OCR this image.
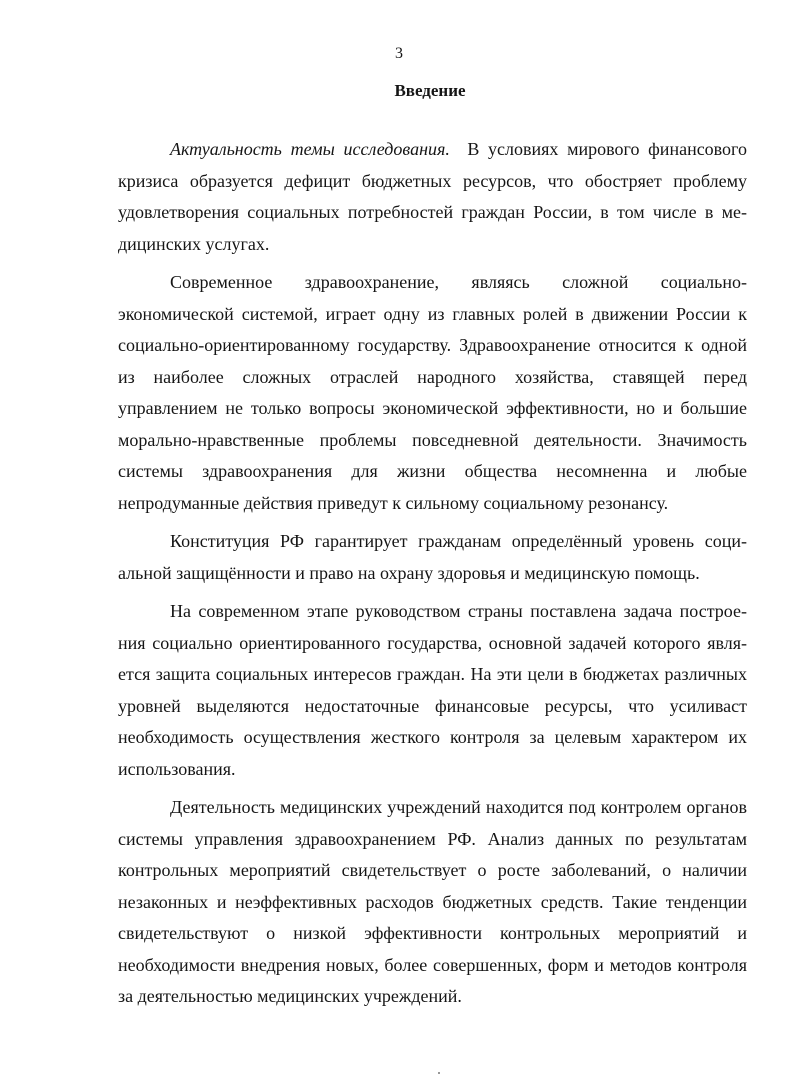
3
Введение

Актуальность темы исследования. В условиях мирового финансового кризиса образуется дефицит бюджетных ресурсов, что обостряет проблему удовлетворения социальных потребностей граждан России, в том числе в медицинских услугах.

Современное здравоохранение, являясь сложной социально-экономической системой, играет одну из главных ролей в движении России к социально-ориентированному государству. Здравоохранение относится к одной из наиболее сложных отраслей народного хозяйства, ставящей перед управлением не только вопросы экономической эффективности, но и большие морально-нравственные проблемы повседневной деятельности. Значимость системы здравоохранения для жизни общества несомненна и любые непродуманные действия приведут к сильному социальному резонансу.

Конституция РФ гарантирует гражданам определённый уровень социальной защищённости и право на охрану здоровья и медицинскую помощь.

На современном этапе руководством страны поставлена задача построения социально ориентированного государства, основной задачей которого является защита социальных интересов граждан. На эти цели в бюджетах различных уровней выделяются недостаточные финансовые ресурсы, что усиливаст необходимость осуществления жесткого контроля за целевым характером их использования.

Деятельность медицинских учреждений находится под контролем органов системы управления здравоохранением РФ. Анализ данных по результатам контрольных мероприятий свидетельствует о росте заболеваний, о наличии незаконных и неэффективных расходов бюджетных средств. Такие тенденции свидетельствуют о низкой эффективности контрольных мероприятий и необходимости внедрения новых, более совершенных, форм и методов контроля за деятельностью медицинских учреждений.
